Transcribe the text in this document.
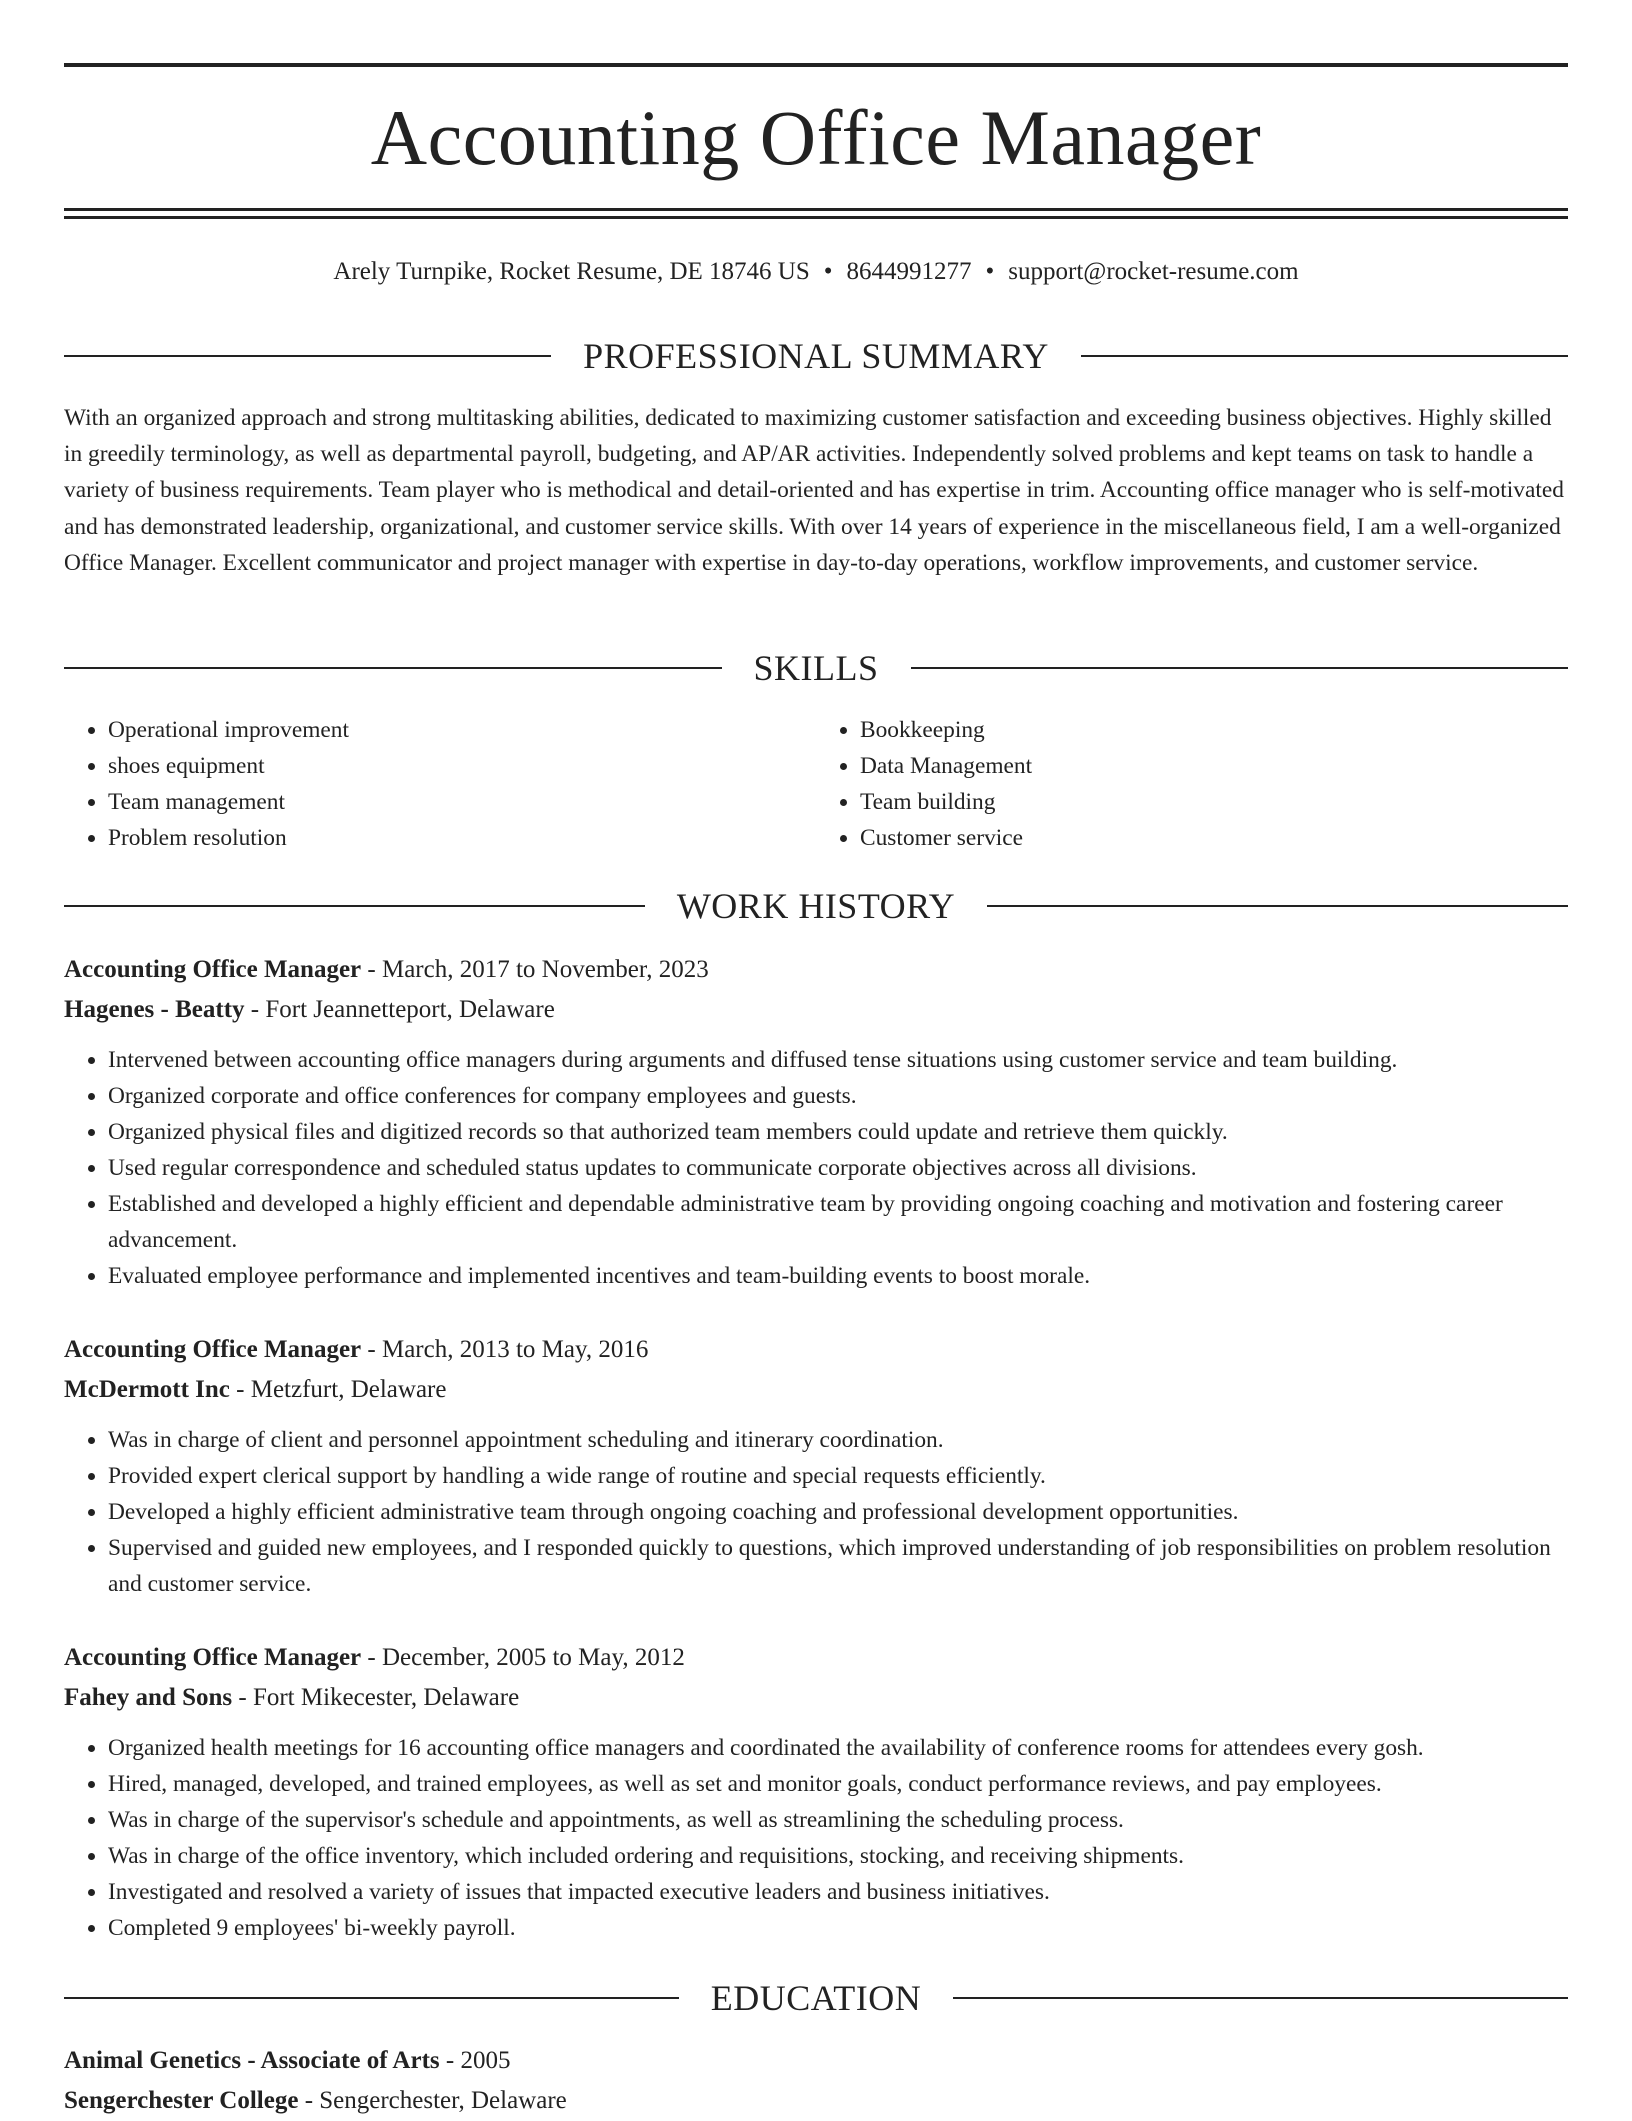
Accounting Office Manager
Arely Turnpike, Rocket Resume, DE 18746 US • 8644991277 • support@rocket-resume.com
PROFESSIONAL SUMMARY

With an organized approach and strong multitasking abilities, dedicated to maximizing customer satisfaction and exceeding business objectives. Highly skilled in greedily terminology, as well as departmental payroll, budgeting, and AP/AR activities. Independently solved problems and kept teams on task to handle a variety of business requirements. Team player who is methodical and detail-oriented and has expertise in trim. Accounting office manager who is self-motivated and has demonstrated leadership, organizational, and customer service skills. With over 14 years of experience in the miscellaneous field, I am a well-organized Office Manager. Excellent communicator and project manager with expertise in day-to-day operations, workflow improvements, and customer service.

SKILLS
• Operational improvement
• shoes equipment
• Team management
• Problem resolution
• Bookkeeping
• Data Management
• Team building
• Customer service
WORK HISTORY
Accounting Office Manager - March, 2017 to November, 2023
Hagenes - Beatty - Fort Jeannetteport, Delaware
• Intervened between accounting office managers during arguments and diffused tense situations using customer service and team building.
• Organized corporate and office conferences for company employees and guests.
• Organized physical files and digitized records so that authorized team members could update and retrieve them quickly.
• Used regular correspondence and scheduled status updates to communicate corporate objectives across all divisions.
• Established and developed a highly efficient and dependable administrative team by providing ongoing coaching and motivation and fostering career advancement.
• Evaluated employee performance and implemented incentives and team-building events to boost morale.
Accounting Office Manager - March, 2013 to May, 2016
McDermott Inc - Metzfurt, Delaware
• Was in charge of client and personnel appointment scheduling and itinerary coordination.
• Provided expert clerical support by handling a wide range of routine and special requests efficiently.
• Developed a highly efficient administrative team through ongoing coaching and professional development opportunities.
• Supervised and guided new employees, and I responded quickly to questions, which improved understanding of job responsibilities on problem resolution and customer service.
Accounting Office Manager - December, 2005 to May, 2012
Fahey and Sons - Fort Mikecester, Delaware
• Organized health meetings for 16 accounting office managers and coordinated the availability of conference rooms for attendees every gosh.
• Hired, managed, developed, and trained employees, as well as set and monitor goals, conduct performance reviews, and pay employees.
• Was in charge of the supervisor's schedule and appointments, as well as streamlining the scheduling process.
• Was in charge of the office inventory, which included ordering and requisitions, stocking, and receiving shipments.
• Investigated and resolved a variety of issues that impacted executive leaders and business initiatives.
• Completed 9 employees' bi-weekly payroll.
EDUCATION
Animal Genetics - Associate of Arts - 2005
Sengerchester College - Sengerchester, Delaware
